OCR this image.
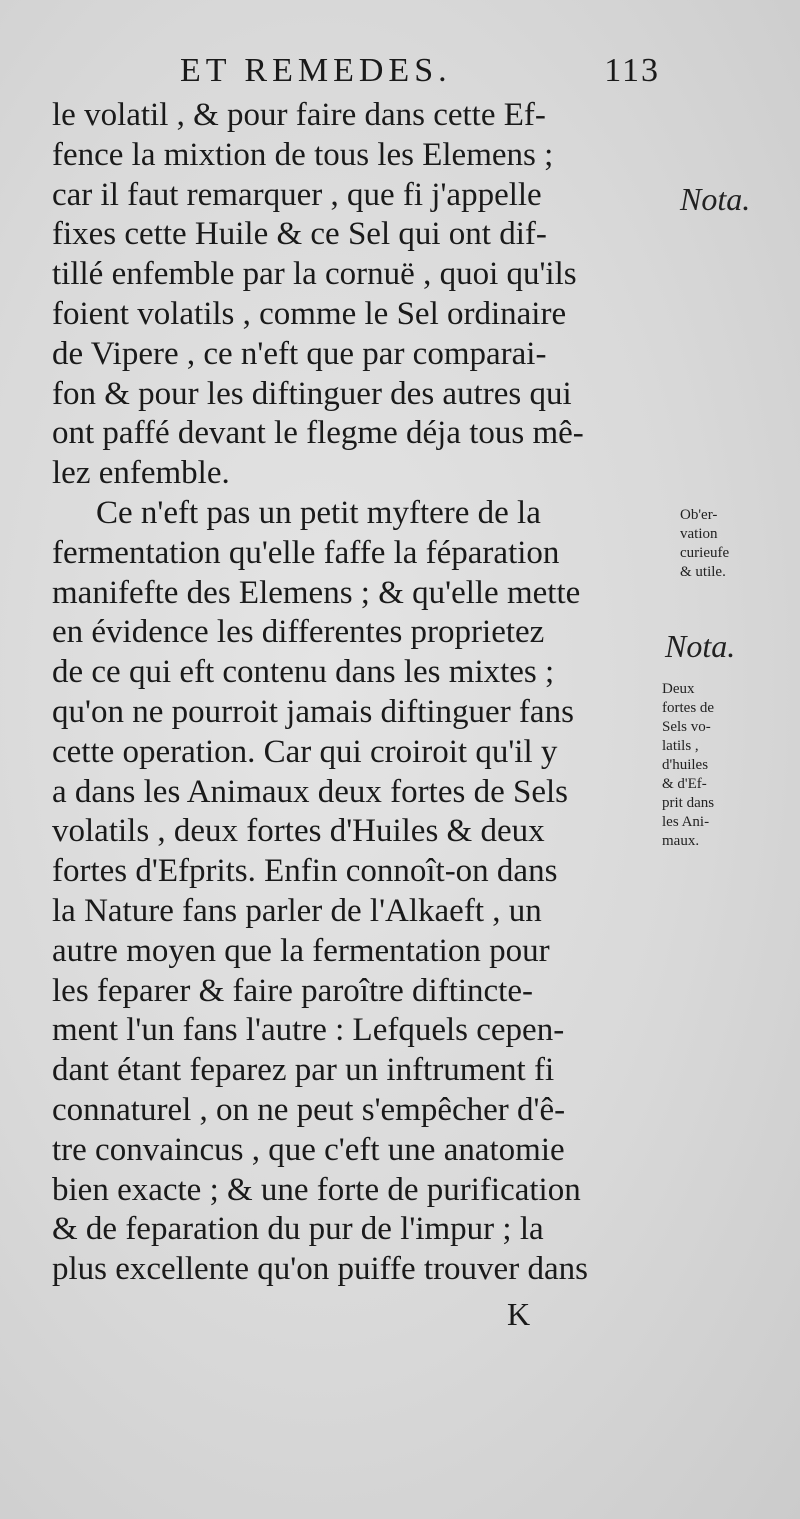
ET REMEDES.	113
le volatil , & pour faire dans cette Ef-
fence la mixtion de tous les Elemens ;
car il faut remarquer , que fi j'appelle
fixes cette Huile & ce Sel qui ont dif-
tillé enfemble par la cornuë , quoi qu'ils
foient volatils , comme le Sel ordinaire
de Vipere , ce n'eft que par comparai-
fon & pour les diftinguer des autres qui
ont paffé devant le flegme déja tous mê-
lez enfemble.
Ce n'eft pas un petit myftere de la
fermentation qu'elle faffe la féparation
manifefte des Elemens ; & qu'elle mette
en évidence les differentes proprietez
de ce qui eft contenu dans les mixtes ;
qu'on ne pourroit jamais diftinguer fans
cette operation. Car qui croiroit qu'il y
a dans les Animaux deux fortes de Sels
volatils , deux fortes d'Huiles & deux
fortes d'Efprits. Enfin connoît-on dans
la Nature fans parler de l'Alkaeft , un
autre moyen que la fermentation pour
les feparer & faire paroître diftincte-
ment l'un fans l'autre : Lefquels cepen-
dant étant feparez par un inftrument fi
connaturel , on ne peut s'empêcher d'ê-
tre convaincus , que c'eft une anatomie
bien exacte ; & une forte de purification
& de feparation du pur de l'impur ; la
plus excellente qu'on puiffe trouver dans
K
Nota.
Ob'er-
vation
curieufe
& utile.
Nota.
Deux
fortes de
Sels vo-
latils ,
d'huiles
& d'Ef-
prit dans
les Ani-
maux.
